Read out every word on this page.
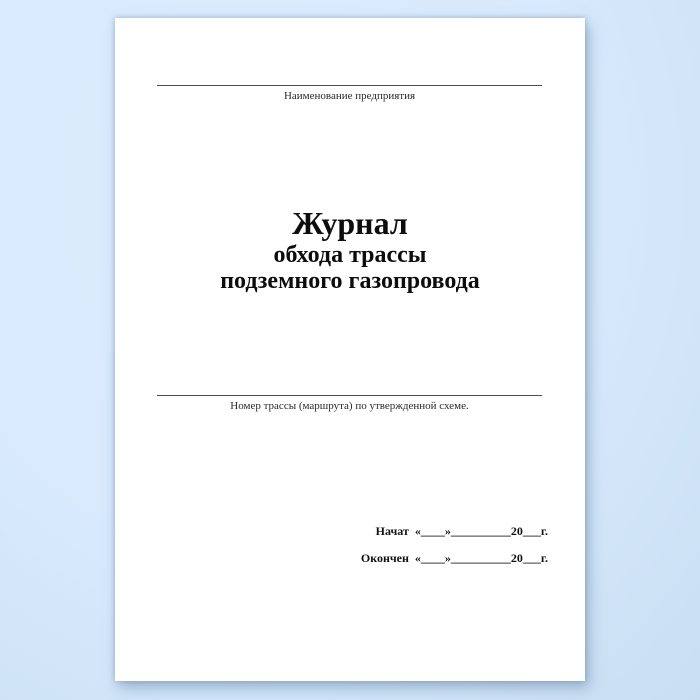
Наименование предприятия
Журнал
обхода трассы
подземного газопровода
Номер трассы (маршрута) по утвержденной схеме.
Начат «____»__________20___г.
Окончен «____»__________20___г.
